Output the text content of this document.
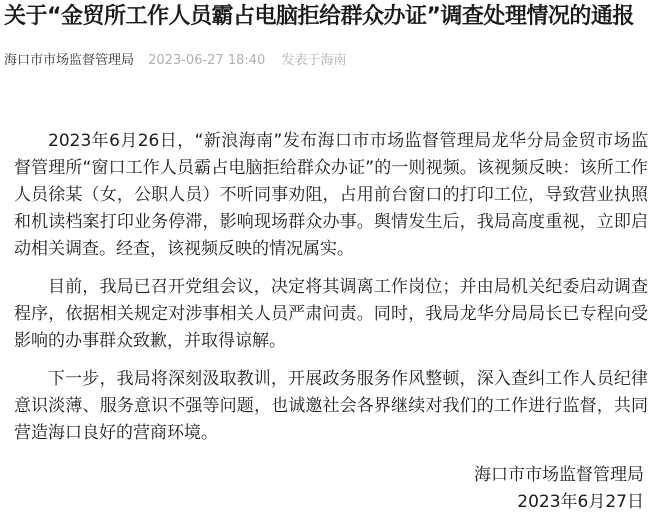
关于“金贸所工作人员霸占电脑拒给群众办证”调查处理情况的通报
海口市市场监督管理局 2023-06-27 18:40 发表于海南

2023年6月26日，“新浪海南”发布海口市市场监督管理局龙华分局金贸市场监督管理所“窗口工作人员霸占电脑拒给群众办证”的一则视频。该视频反映：该所工作人员徐某（女，公职人员）不听同事劝阻，占用前台窗口的打印工位，导致营业执照和机读档案打印业务停滞，影响现场群众办事。舆情发生后，我局高度重视，立即启动相关调查。经查，该视频反映的情况属实。

目前，我局已召开党组会议，决定将其调离工作岗位；并由局机关纪委启动调查程序，依据相关规定对涉事相关人员严肃问责。同时，我局龙华分局局长已专程向受影响的办事群众致歉，并取得谅解。

下一步，我局将深刻汲取教训，开展政务服务作风整顿，深入查纠工作人员纪律意识淡薄、服务意识不强等问题，也诚邀社会各界继续对我们的工作进行监督，共同营造海口良好的营商环境。

海口市市场监督管理局
2023年6月27日
